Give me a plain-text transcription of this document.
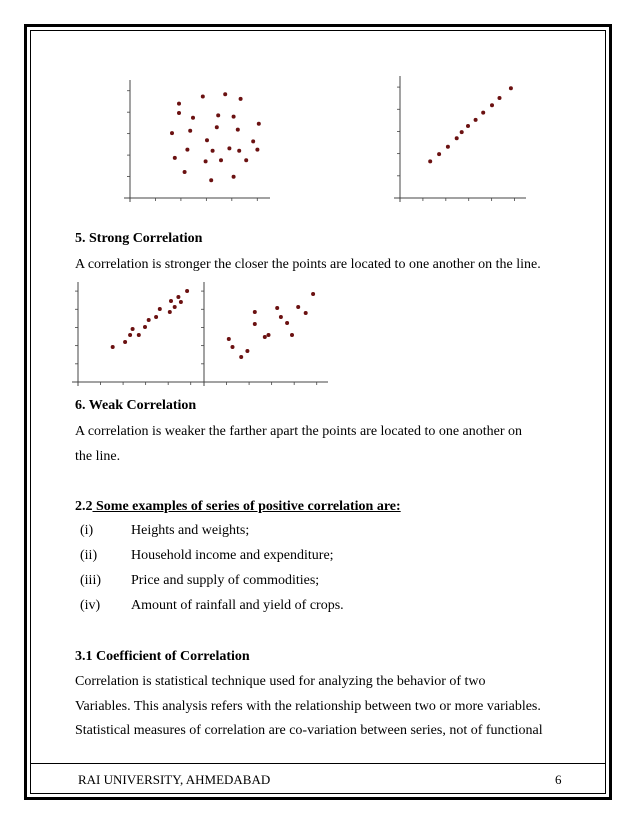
5. Strong Correlation
A correlation is stronger the closer the points are located to one another on the line.
6. Weak Correlation
A correlation is weaker the farther apart the points are located to one another on
the line.
2.2 Some examples of series of positive correlation are:
(i)	Heights and weights;
(ii) Household income and expenditure;
(iii) Price and supply of commodities;
(iv) Amount of rainfall and yield of crops.
3.1 Coefficient of Correlation
Correlation is statistical technique used for analyzing the behavior of two
Variables. This analysis refers with the relationship between two or more variables.
Statistical measures of correlation are co-variation between series, not of functional
RAI UNIVERSITY, AHMEDABAD	6
